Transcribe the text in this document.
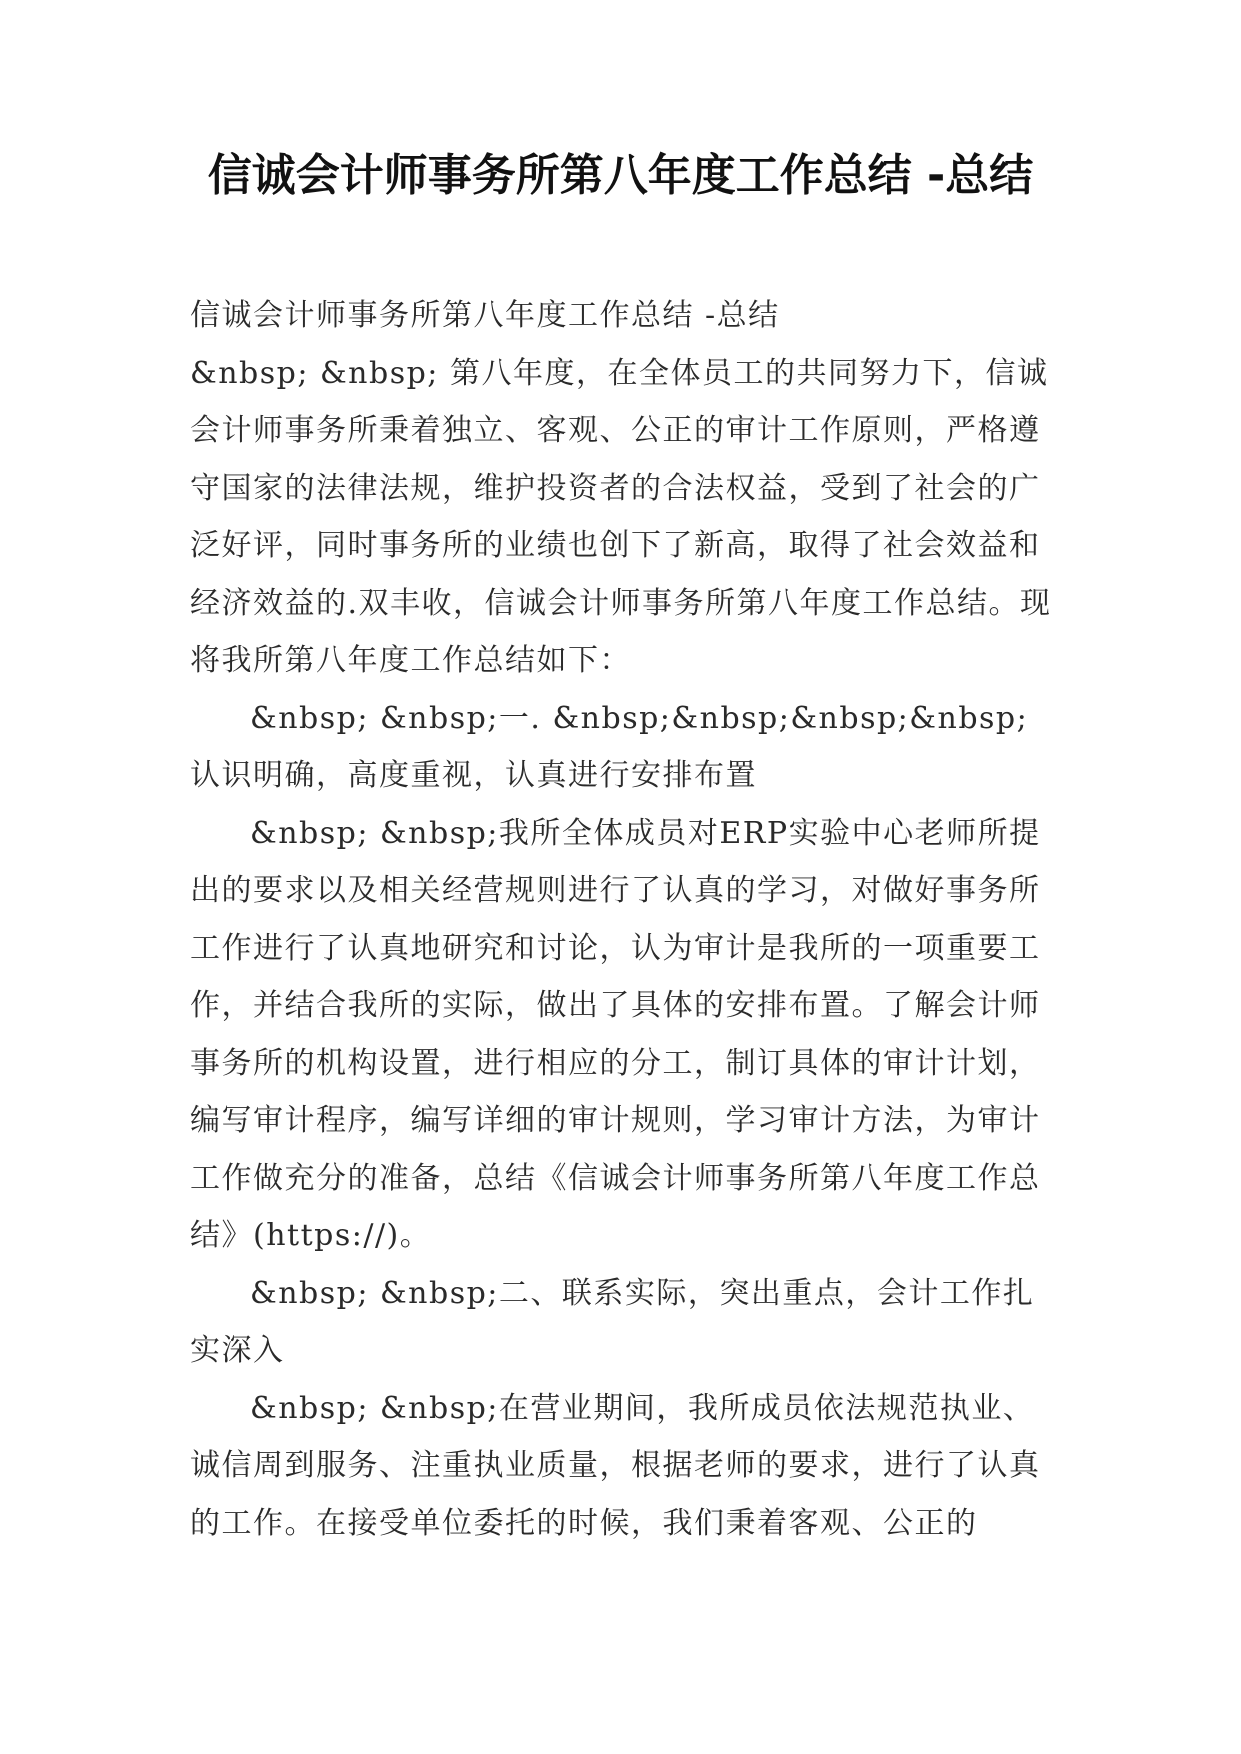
信诚会计师事务所第八年度工作总结 -总结

信诚会计师事务所第八年度工作总结 -总结

&nbsp; &nbsp; 第八年度，在全体员工的共同努力下，信诚会计师事务所秉着独立、客观、公正的审计工作原则，严格遵守国家的法律法规，维护投资者的合法权益，受到了社会的广泛好评，同时事务所的业绩也创下了新高，取得了社会效益和经济效益的.双丰收，信诚会计师事务所第八年度工作总结。现将我所第八年度工作总结如下：

&nbsp; &nbsp;一. &nbsp;&nbsp;&nbsp;&nbsp; 认识明确，高度重视，认真进行安排布置

&nbsp; &nbsp;我所全体成员对ERP实验中心老师所提出的要求以及相关经营规则进行了认真的学习，对做好事务所工作进行了认真地研究和讨论，认为审计是我所的一项重要工作，并结合我所的实际，做出了具体的安排布置。了解会计师事务所的机构设置，进行相应的分工，制订具体的审计计划，编写审计程序，编写详细的审计规则，学习审计方法，为审计工作做充分的准备，总结《信诚会计师事务所第八年度工作总结》(https://)。

&nbsp; &nbsp;二、联系实际，突出重点，会计工作扎实深入

&nbsp; &nbsp;在营业期间，我所成员依法规范执业、诚信周到服务、注重执业质量，根据老师的要求，进行了认真的工作。在接受单位委托的时候，我们秉着客观、公正的
